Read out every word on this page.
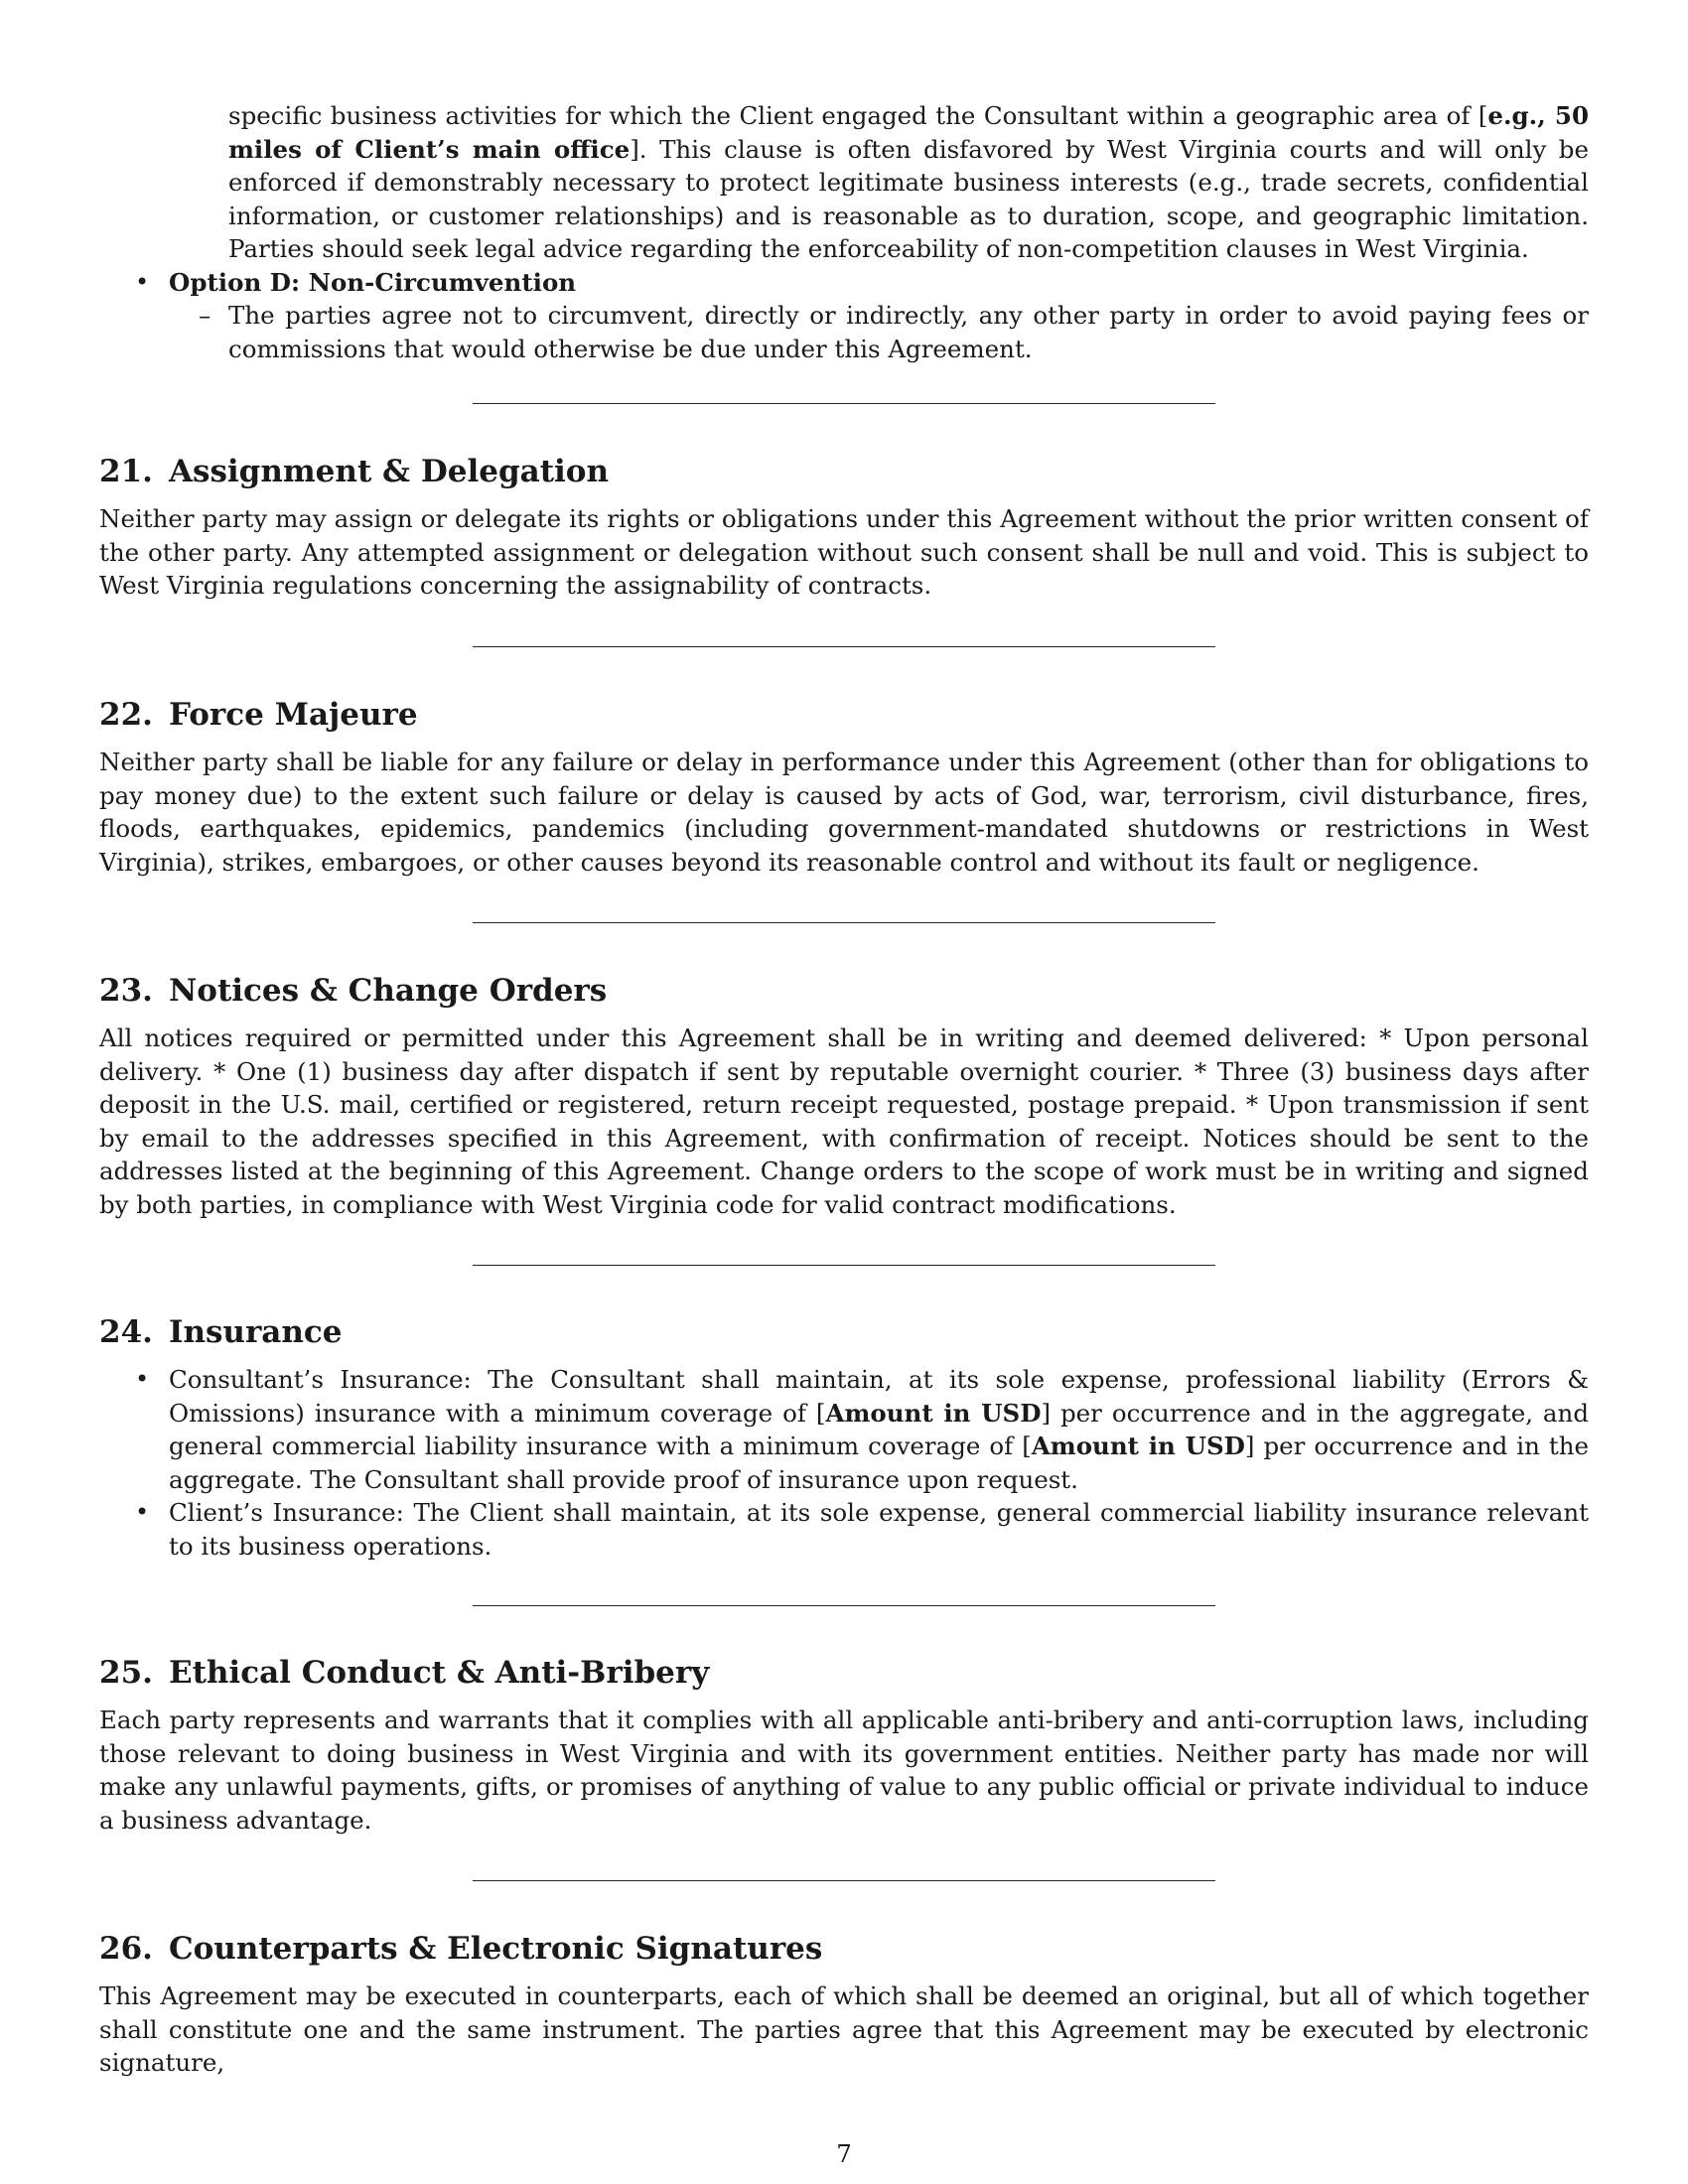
specific business activities for which the Client engaged the Consultant within a geographic area of [e.g., 50 miles of Client’s main office]. This clause is often disfavored by West Virginia courts and will only be enforced if demonstrably necessary to protect legitimate business interests (e.g., trade secrets, confidential information, or customer relationships) and is reasonable as to duration, scope, and geographic limitation. Parties should seek legal advice regarding the enforceability of non-competition clauses in West Virginia.

• Option D: Non-Circumvention
– The parties agree not to circumvent, directly or indirectly, any other party in order to avoid paying fees or commissions that would otherwise be due under this Agreement.
21. Assignment & Delegation

Neither party may assign or delegate its rights or obligations under this Agreement without the prior written consent of the other party. Any attempted assignment or delegation without such consent shall be null and void. This is subject to West Virginia regulations concerning the assignability of contracts.

22. Force Majeure

Neither party shall be liable for any failure or delay in performance under this Agreement (other than for obligations to pay money due) to the extent such failure or delay is caused by acts of God, war, terrorism, civil disturbance, fires, floods, earthquakes, epidemics, pandemics (including government-mandated shutdowns or restrictions in West Virginia), strikes, embargoes, or other causes beyond its reasonable control and without its fault or negligence.

23. Notices & Change Orders

All notices required or permitted under this Agreement shall be in writing and deemed delivered: * Upon personal delivery. * One (1) business day after dispatch if sent by reputable overnight courier. * Three (3) business days after deposit in the U.S. mail, certified or registered, return receipt requested, postage prepaid. * Upon transmission if sent by email to the addresses specified in this Agreement, with confirmation of receipt. Notices should be sent to the addresses listed at the beginning of this Agreement. Change orders to the scope of work must be in writing and signed by both parties, in compliance with West Virginia code for valid contract modifications.

24. Insurance
• Consultant’s Insurance: The Consultant shall maintain, at its sole expense, professional liability (Errors & Omissions) insurance with a minimum coverage of [Amount in USD] per occurrence and in the aggregate, and general commercial liability insurance with a minimum coverage of [Amount in USD] per occurrence and in the aggregate. The Consultant shall provide proof of insurance upon request.
• Client’s Insurance: The Client shall maintain, at its sole expense, general commercial liability insurance relevant to its business operations.
25. Ethical Conduct & Anti-Bribery

Each party represents and warrants that it complies with all applicable anti-bribery and anti-corruption laws, including those relevant to doing business in West Virginia and with its government entities. Neither party has made nor will make any unlawful payments, gifts, or promises of anything of value to any public official or private individual to induce a business advantage.

26. Counterparts & Electronic Signatures

This Agreement may be executed in counterparts, each of which shall be deemed an original, but all of which together shall constitute one and the same instrument. The parties agree that this Agreement may be executed by electronic signature,

7
